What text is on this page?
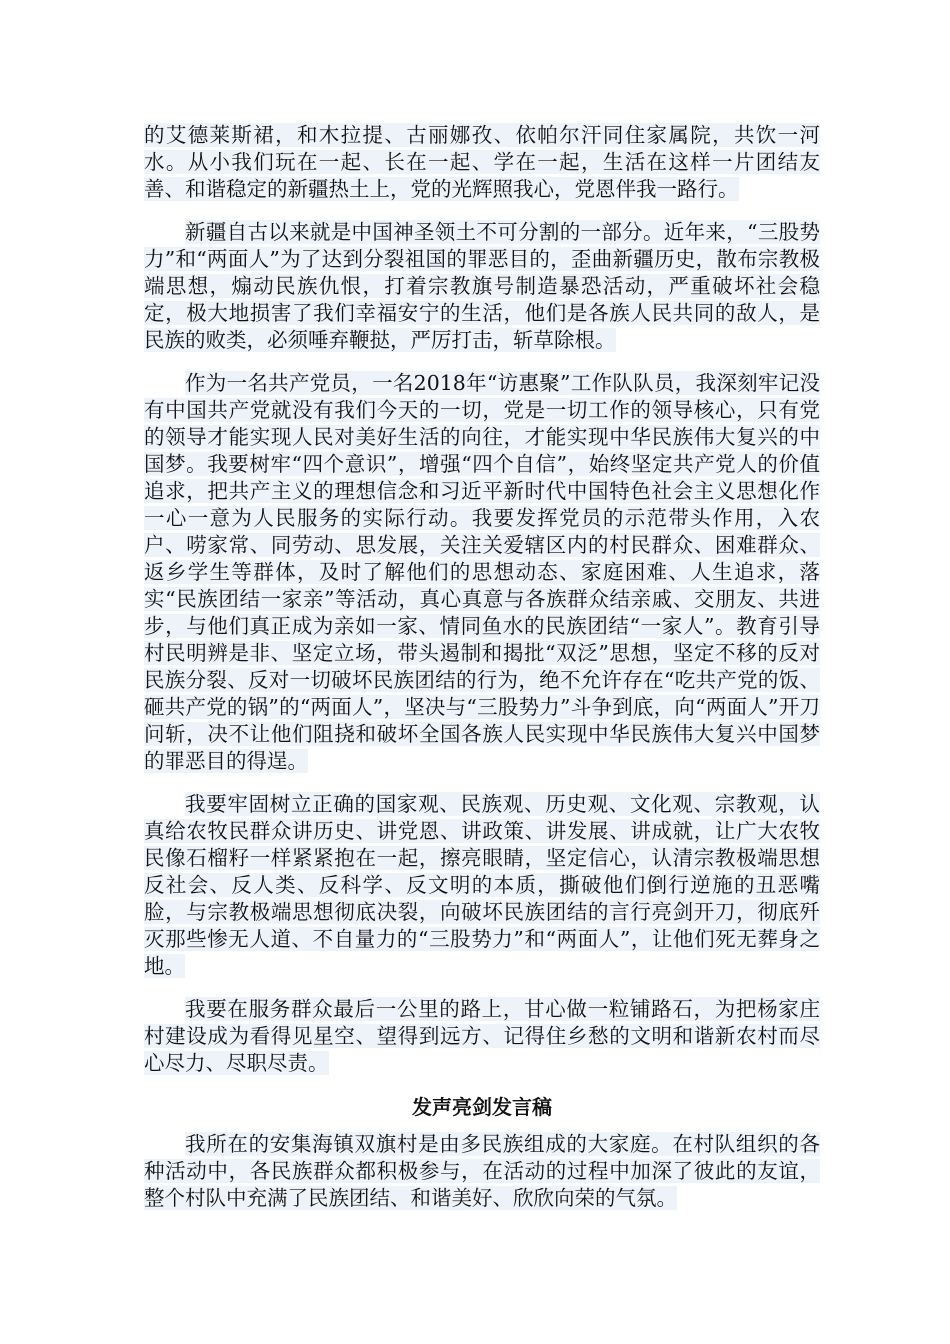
的艾德莱斯裙，和木拉提、古丽娜孜、依帕尔汗同住家属院，共饮一河水。从小我们玩在一起、长在一起、学在一起，生活在这样一片团结友善、和谐稳定的新疆热土上，党的光辉照我心，党恩伴我一路行。

新疆自古以来就是中国神圣领土不可分割的一部分。近年来，“三股势力”和“两面人”为了达到分裂祖国的罪恶目的，歪曲新疆历史，散布宗教极端思想，煽动民族仇恨，打着宗教旗号制造暴恐活动，严重破坏社会稳定，极大地损害了我们幸福安宁的生活，他们是各族人民共同的敌人，是民族的败类，必须唾弃鞭挞，严厉打击，斩草除根。

作为一名共产党员，一名2018年“访惠聚”工作队队员，我深刻牢记没有中国共产党就没有我们今天的一切，党是一切工作的领导核心，只有党的领导才能实现人民对美好生活的向往，才能实现中华民族伟大复兴的中国梦。我要树牢“四个意识”，增强“四个自信”，始终坚定共产党人的价值追求，把共产主义的理想信念和习近平新时代中国特色社会主义思想化作一心一意为人民服务的实际行动。我要发挥党员的示范带头作用，入农户、唠家常、同劳动、思发展，关注关爱辖区内的村民群众、困难群众、返乡学生等群体，及时了解他们的思想动态、家庭困难、人生追求，落实“民族团结一家亲”等活动，真心真意与各族群众结亲戚、交朋友、共进步，与他们真正成为亲如一家、情同鱼水的民族团结“一家人”。教育引导村民明辨是非、坚定立场，带头遏制和揭批“双泛”思想，坚定不移的反对民族分裂、反对一切破坏民族团结的行为，绝不允许存在“吃共产党的饭、砸共产党的锅”的“两面人”，坚决与“三股势力”斗争到底，向“两面人”开刀问斩，决不让他们阻挠和破坏全国各族人民实现中华民族伟大复兴中国梦的罪恶目的得逞。

我要牢固树立正确的国家观、民族观、历史观、文化观、宗教观，认真给农牧民群众讲历史、讲党恩、讲政策、讲发展、讲成就，让广大农牧民像石榴籽一样紧紧抱在一起，擦亮眼睛，坚定信心，认清宗教极端思想反社会、反人类、反科学、反文明的本质，撕破他们倒行逆施的丑恶嘴脸，与宗教极端思想彻底决裂，向破坏民族团结的言行亮剑开刀，彻底歼灭那些惨无人道、不自量力的“三股势力”和“两面人”，让他们死无葬身之地。

我要在服务群众最后一公里的路上，甘心做一粒铺路石，为把杨家庄村建设成为看得见星空、望得到远方、记得住乡愁的文明和谐新农村而尽心尽力、尽职尽责。

发声亮剑发言稿

我所在的安集海镇双旗村是由多民族组成的大家庭。在村队组织的各种活动中，各民族群众都积极参与，在活动的过程中加深了彼此的友谊，整个村队中充满了民族团结、和谐美好、欣欣向荣的气氛。
